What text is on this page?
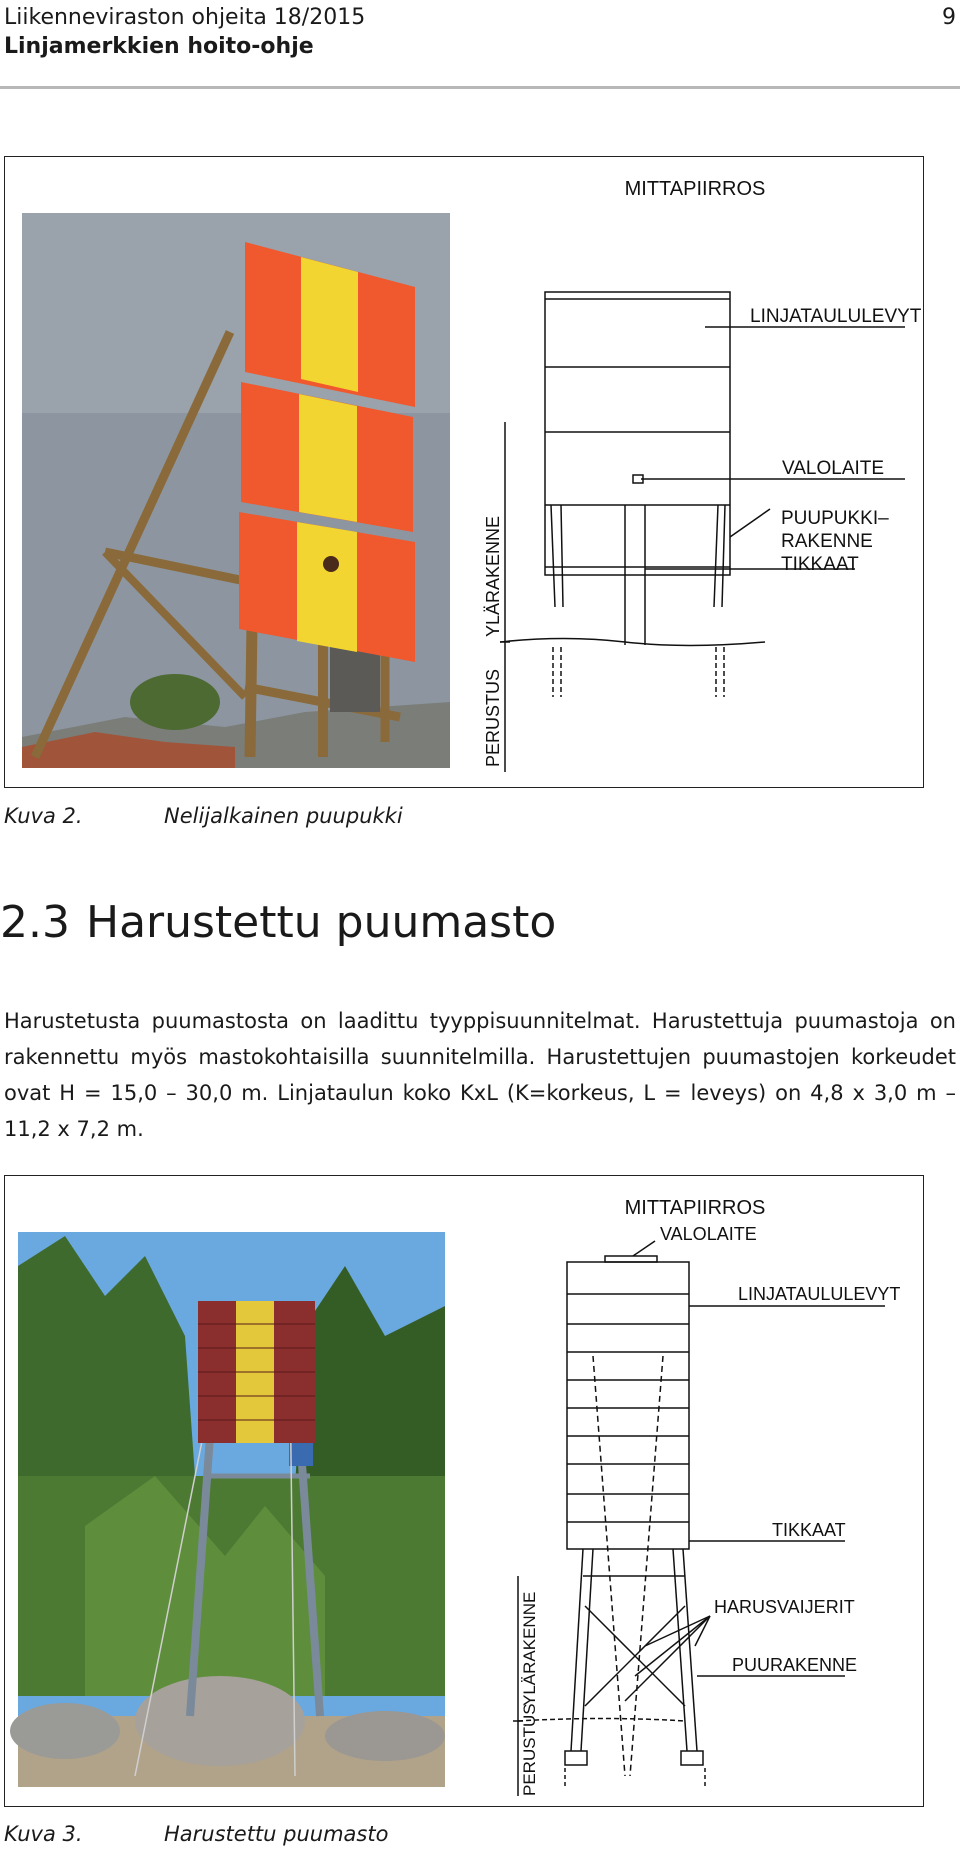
Liikenneviraston ohjeita 18/2015
Linjamerkkien hoito-ohje
9
MITTAPIIRROS
LINJATAULULEVYT
VALOLAITE
PUUPUKKI–
RAKENNE
TIKKAAT
YLÄRAKENNE
PERUSTUS
Kuva 2.	Nelijalkainen puupukki
2.3 Harustettu puumasto
Harustetusta puumastosta on laadittu tyyppisuunnitelmat. Harustettuja puumastoja on rakennettu myös mastokohtaisilla suunnitelmilla. Harustettujen puumastojen korkeudet ovat H = 15,0 – 30,0 m. Linjataulun koko KxL (K=korkeus, L = leveys) on 4,8 x 3,0 m – 11,2 x 7,2 m.
MITTAPIIRROS
VALOLAITE
LINJATAULULEVYT
TIKKAAT
HARUSVAIJERIT
PUURAKENNE
YLÄRAKENNE
PERUSTUS
Kuva 3.	Harustettu puumasto
